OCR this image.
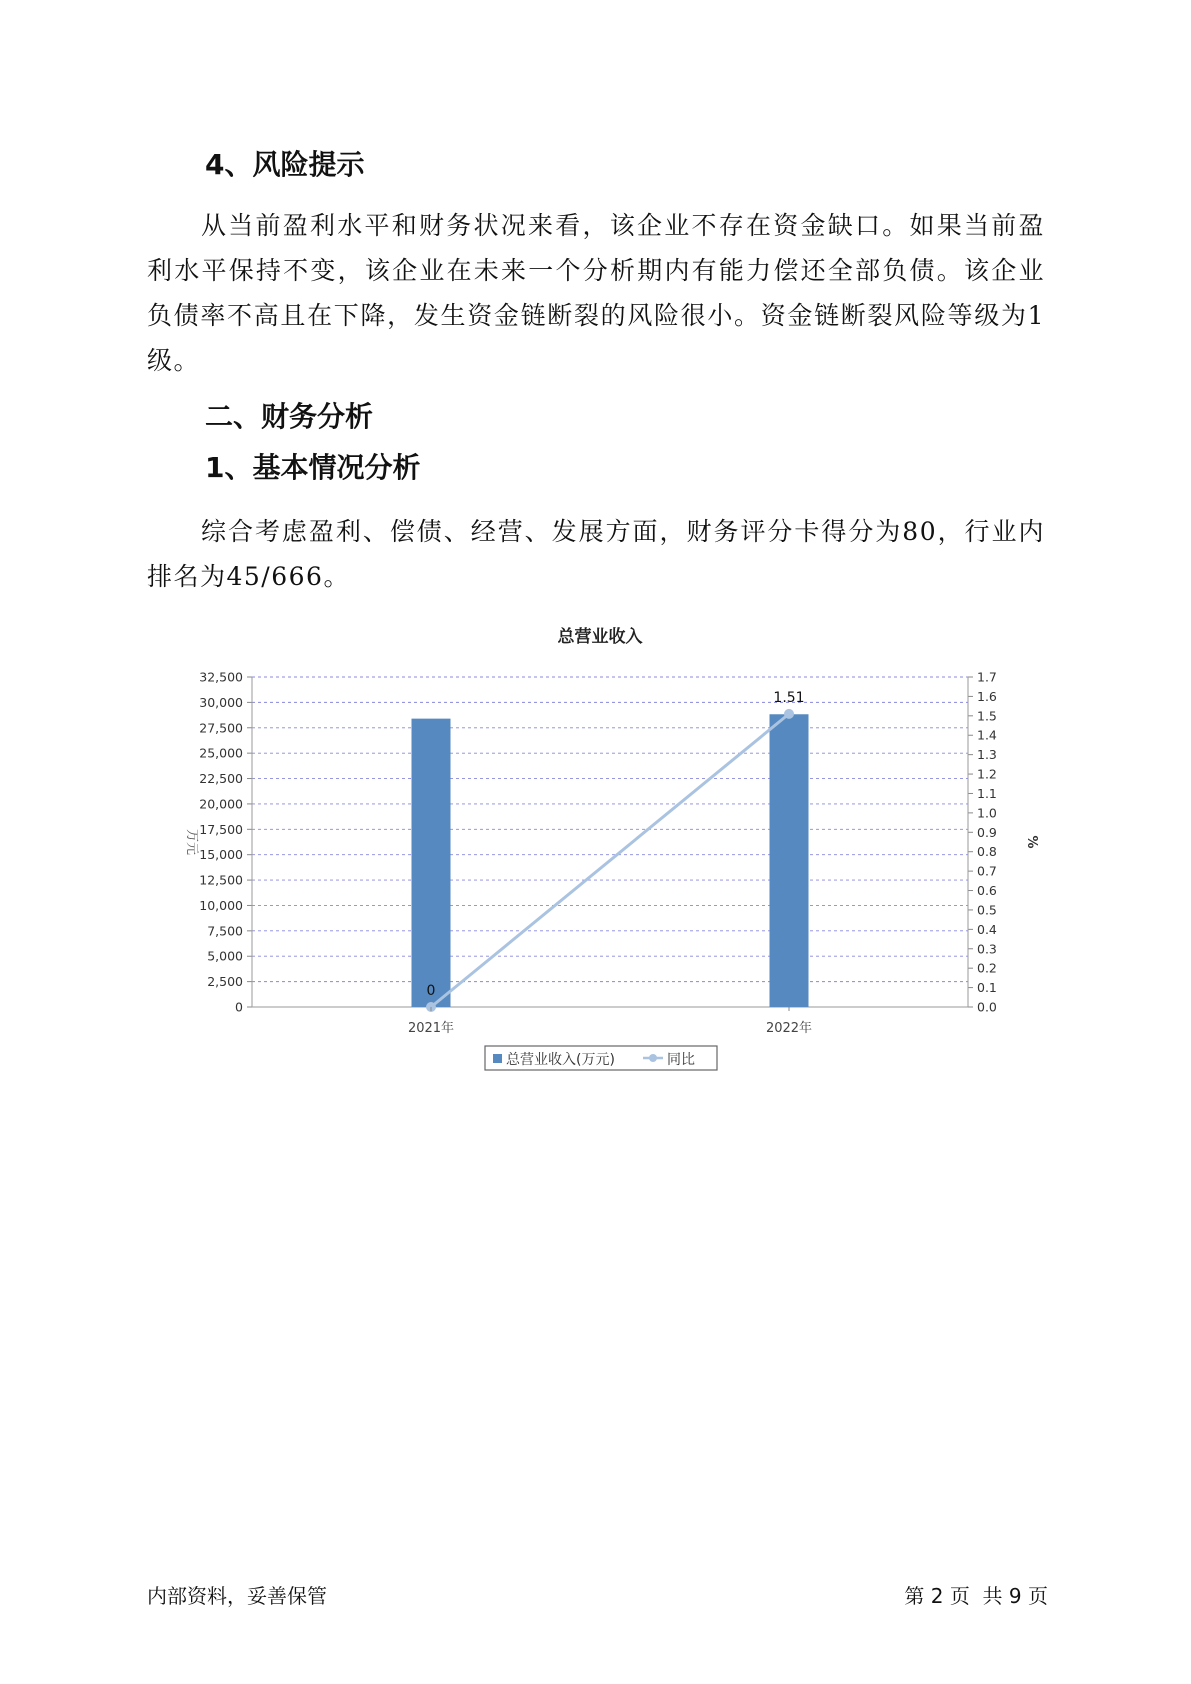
4、风险提示

从当前盈利水平和财务状况来看，该企业不存在资金缺口。如果当前盈利水平保持不变，该企业在未来一个分析期内有能力偿还全部负债。该企业负债率不高且在下降，发生资金链断裂的风险很小。资金链断裂风险等级为1级。

二、财务分析
1、基本情况分析

综合考虑盈利、偿债、经营、发展方面，财务评分卡得分为80，行业内排名为45/666。

总营业收入
0
2,500
5,000
7,500
10,000
12,500
15,000
17,500
20,000
22,500
25,000
27,500
30,000
32,500
0.0
0.1
0.2
0.3
0.4
0.5
0.6
0.7
0.8
0.9
1.0
1.1
1.2
1.3
1.4
1.5
1.6
1.7
万元	%
0
1.51
2021年	2022年
总营业收入(万元)	同比
内部资料，妥善保管	第 2 页  共 9 页
